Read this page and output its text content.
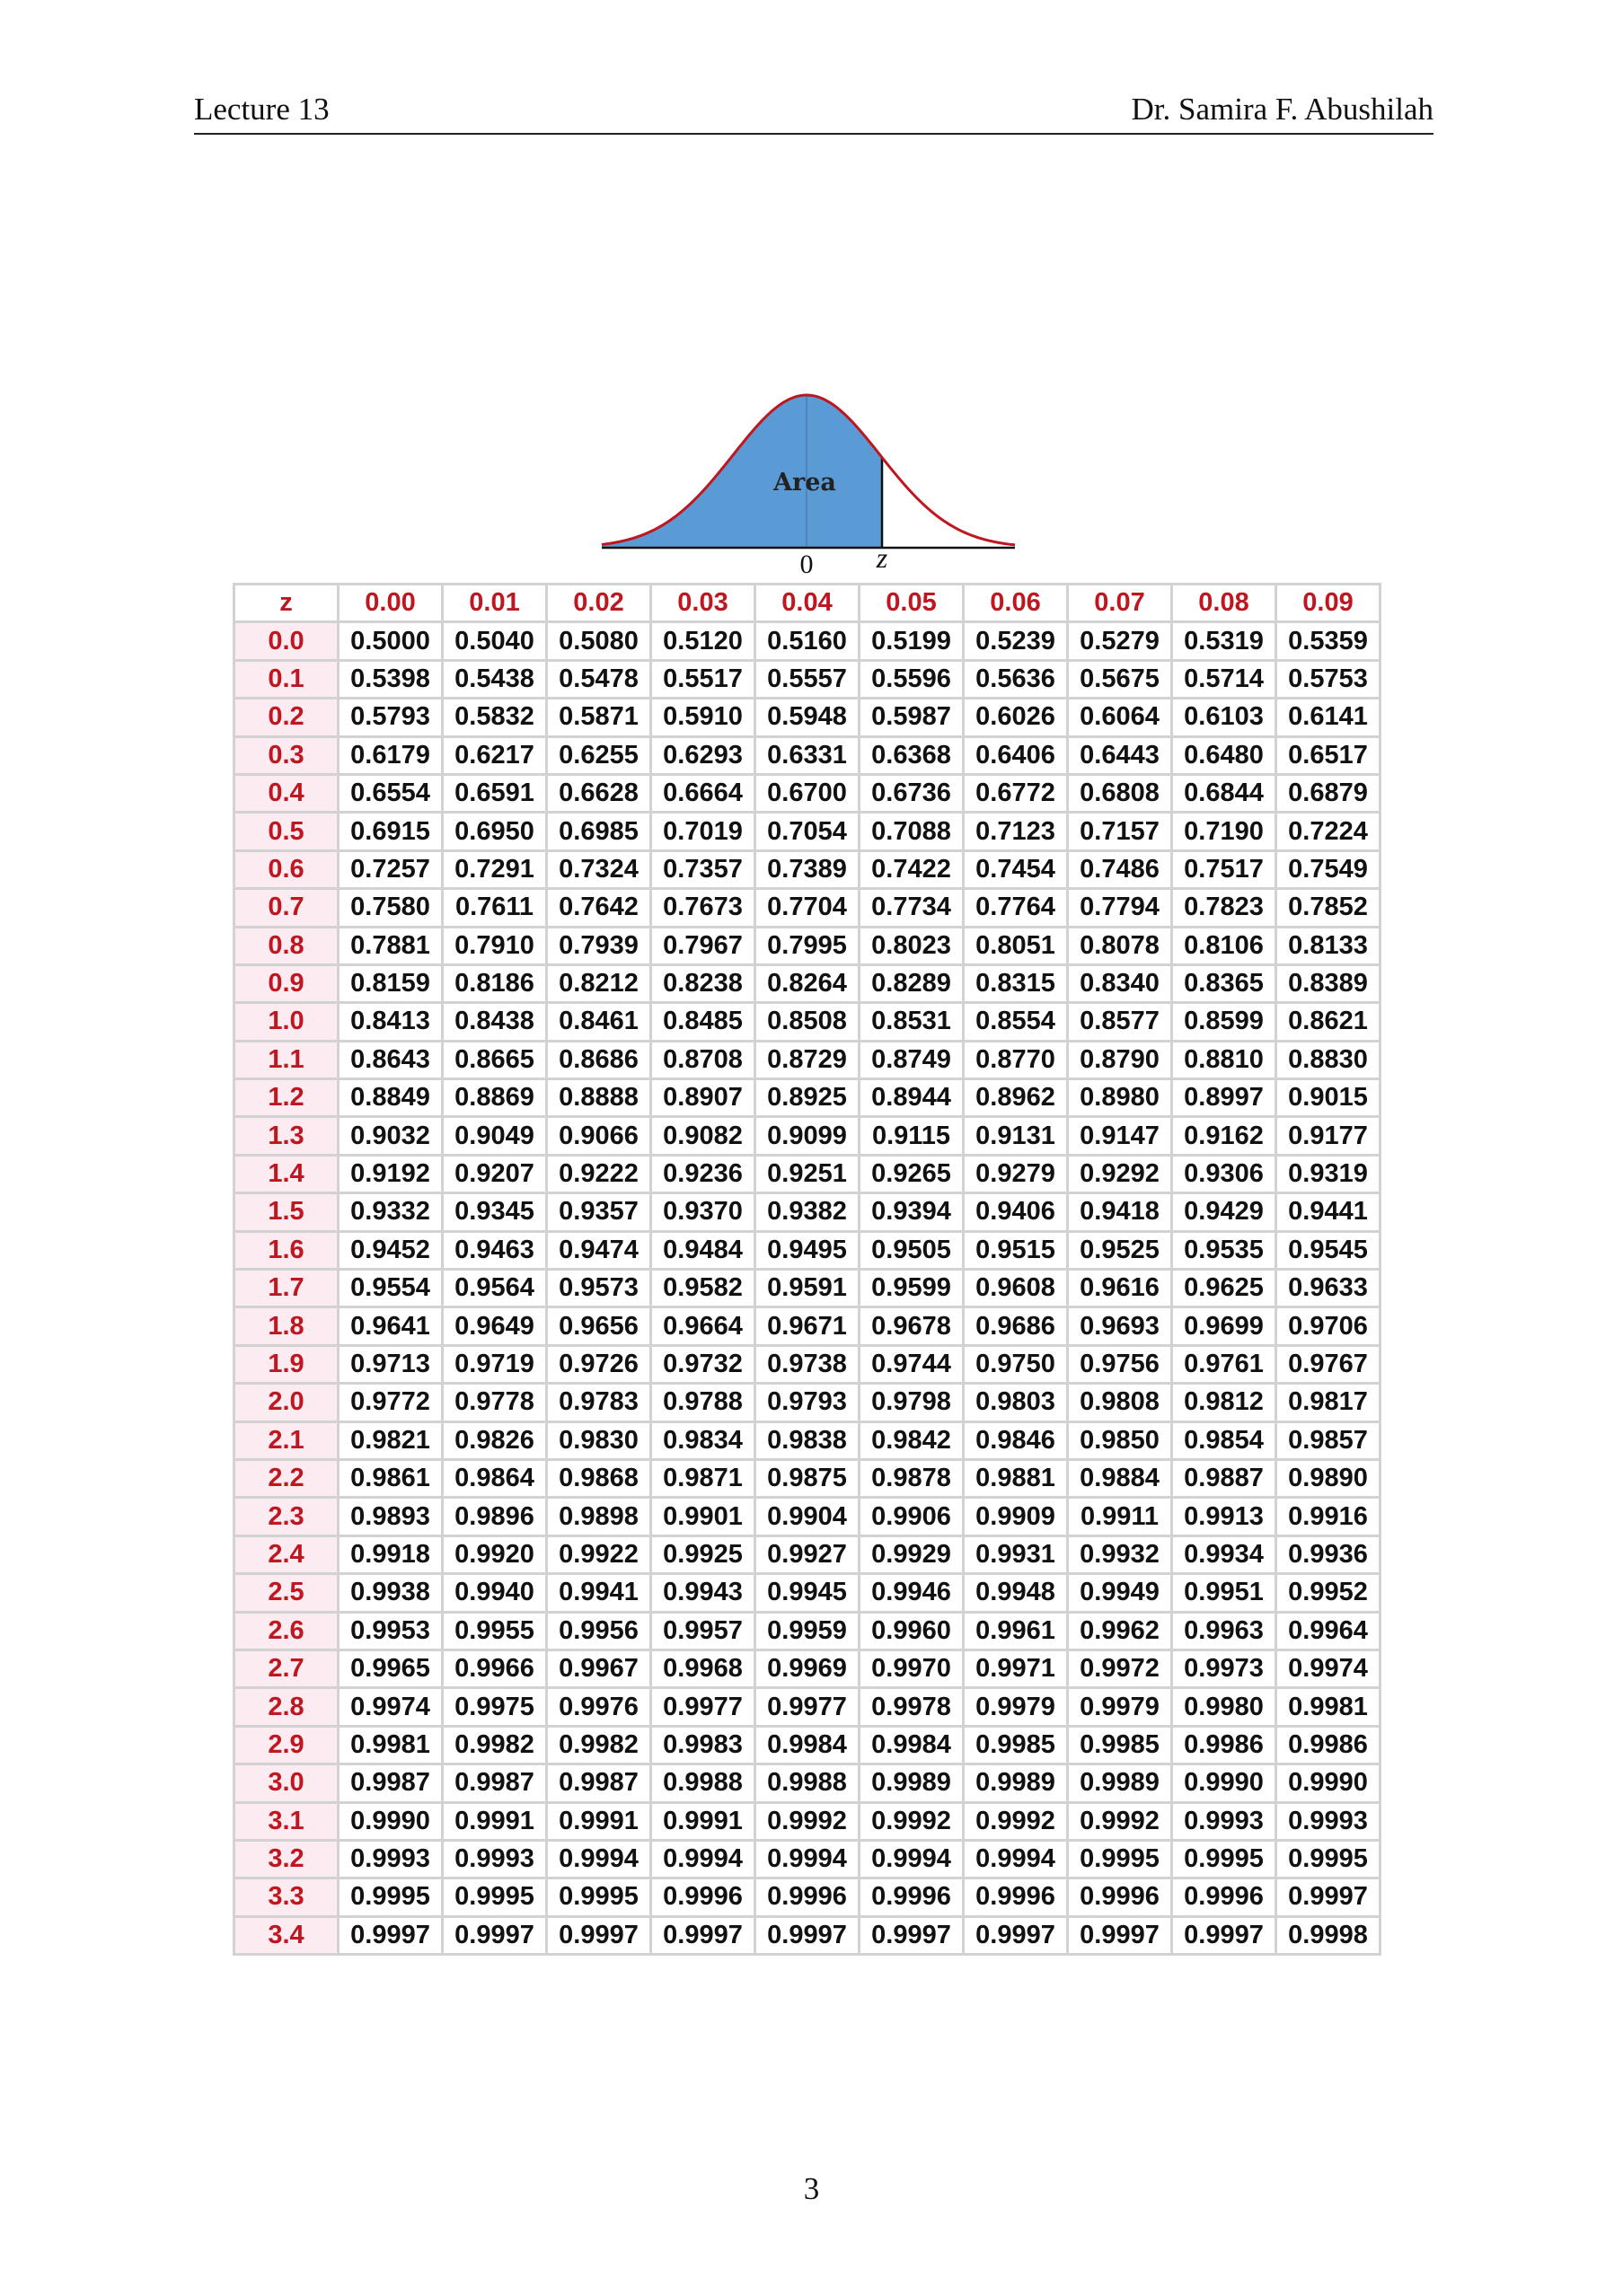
Lecture 13	Dr. Samira F. Abushilah
Area
0 z
z	0.00	0.01	0.02	0.03	0.04	0.05	0.06	0.07	0.08	0.09
0.0	0.5000	0.5040	0.5080	0.5120	0.5160	0.5199	0.5239	0.5279	0.5319	0.5359
0.1	0.5398	0.5438	0.5478	0.5517	0.5557	0.5596	0.5636	0.5675	0.5714	0.5753
0.2	0.5793	0.5832	0.5871	0.5910	0.5948	0.5987	0.6026	0.6064	0.6103	0.6141
0.3	0.6179	0.6217	0.6255	0.6293	0.6331	0.6368	0.6406	0.6443	0.6480	0.6517
0.4	0.6554	0.6591	0.6628	0.6664	0.6700	0.6736	0.6772	0.6808	0.6844	0.6879
0.5	0.6915	0.6950	0.6985	0.7019	0.7054	0.7088	0.7123	0.7157	0.7190	0.7224
0.6	0.7257	0.7291	0.7324	0.7357	0.7389	0.7422	0.7454	0.7486	0.7517	0.7549
0.7	0.7580	0.7611	0.7642	0.7673	0.7704	0.7734	0.7764	0.7794	0.7823	0.7852
0.8	0.7881	0.7910	0.7939	0.7967	0.7995	0.8023	0.8051	0.8078	0.8106	0.8133
0.9	0.8159	0.8186	0.8212	0.8238	0.8264	0.8289	0.8315	0.8340	0.8365	0.8389
1.0	0.8413	0.8438	0.8461	0.8485	0.8508	0.8531	0.8554	0.8577	0.8599	0.8621
1.1	0.8643	0.8665	0.8686	0.8708	0.8729	0.8749	0.8770	0.8790	0.8810	0.8830
1.2	0.8849	0.8869	0.8888	0.8907	0.8925	0.8944	0.8962	0.8980	0.8997	0.9015
1.3	0.9032	0.9049	0.9066	0.9082	0.9099	0.9115	0.9131	0.9147	0.9162	0.9177
1.4	0.9192	0.9207	0.9222	0.9236	0.9251	0.9265	0.9279	0.9292	0.9306	0.9319
1.5	0.9332	0.9345	0.9357	0.9370	0.9382	0.9394	0.9406	0.9418	0.9429	0.9441
1.6	0.9452	0.9463	0.9474	0.9484	0.9495	0.9505	0.9515	0.9525	0.9535	0.9545
1.7	0.9554	0.9564	0.9573	0.9582	0.9591	0.9599	0.9608	0.9616	0.9625	0.9633
1.8	0.9641	0.9649	0.9656	0.9664	0.9671	0.9678	0.9686	0.9693	0.9699	0.9706
1.9	0.9713	0.9719	0.9726	0.9732	0.9738	0.9744	0.9750	0.9756	0.9761	0.9767
2.0	0.9772	0.9778	0.9783	0.9788	0.9793	0.9798	0.9803	0.9808	0.9812	0.9817
2.1	0.9821	0.9826	0.9830	0.9834	0.9838	0.9842	0.9846	0.9850	0.9854	0.9857
2.2	0.9861	0.9864	0.9868	0.9871	0.9875	0.9878	0.9881	0.9884	0.9887	0.9890
2.3	0.9893	0.9896	0.9898	0.9901	0.9904	0.9906	0.9909	0.9911	0.9913	0.9916
2.4	0.9918	0.9920	0.9922	0.9925	0.9927	0.9929	0.9931	0.9932	0.9934	0.9936
2.5	0.9938	0.9940	0.9941	0.9943	0.9945	0.9946	0.9948	0.9949	0.9951	0.9952
2.6	0.9953	0.9955	0.9956	0.9957	0.9959	0.9960	0.9961	0.9962	0.9963	0.9964
2.7	0.9965	0.9966	0.9967	0.9968	0.9969	0.9970	0.9971	0.9972	0.9973	0.9974
2.8	0.9974	0.9975	0.9976	0.9977	0.9977	0.9978	0.9979	0.9979	0.9980	0.9981
2.9	0.9981	0.9982	0.9982	0.9983	0.9984	0.9984	0.9985	0.9985	0.9986	0.9986
3.0	0.9987	0.9987	0.9987	0.9988	0.9988	0.9989	0.9989	0.9989	0.9990	0.9990
3.1	0.9990	0.9991	0.9991	0.9991	0.9992	0.9992	0.9992	0.9992	0.9993	0.9993
3.2	0.9993	0.9993	0.9994	0.9994	0.9994	0.9994	0.9994	0.9995	0.9995	0.9995
3.3	0.9995	0.9995	0.9995	0.9996	0.9996	0.9996	0.9996	0.9996	0.9996	0.9997
3.4	0.9997	0.9997	0.9997	0.9997	0.9997	0.9997	0.9997	0.9997	0.9997	0.9998
3
